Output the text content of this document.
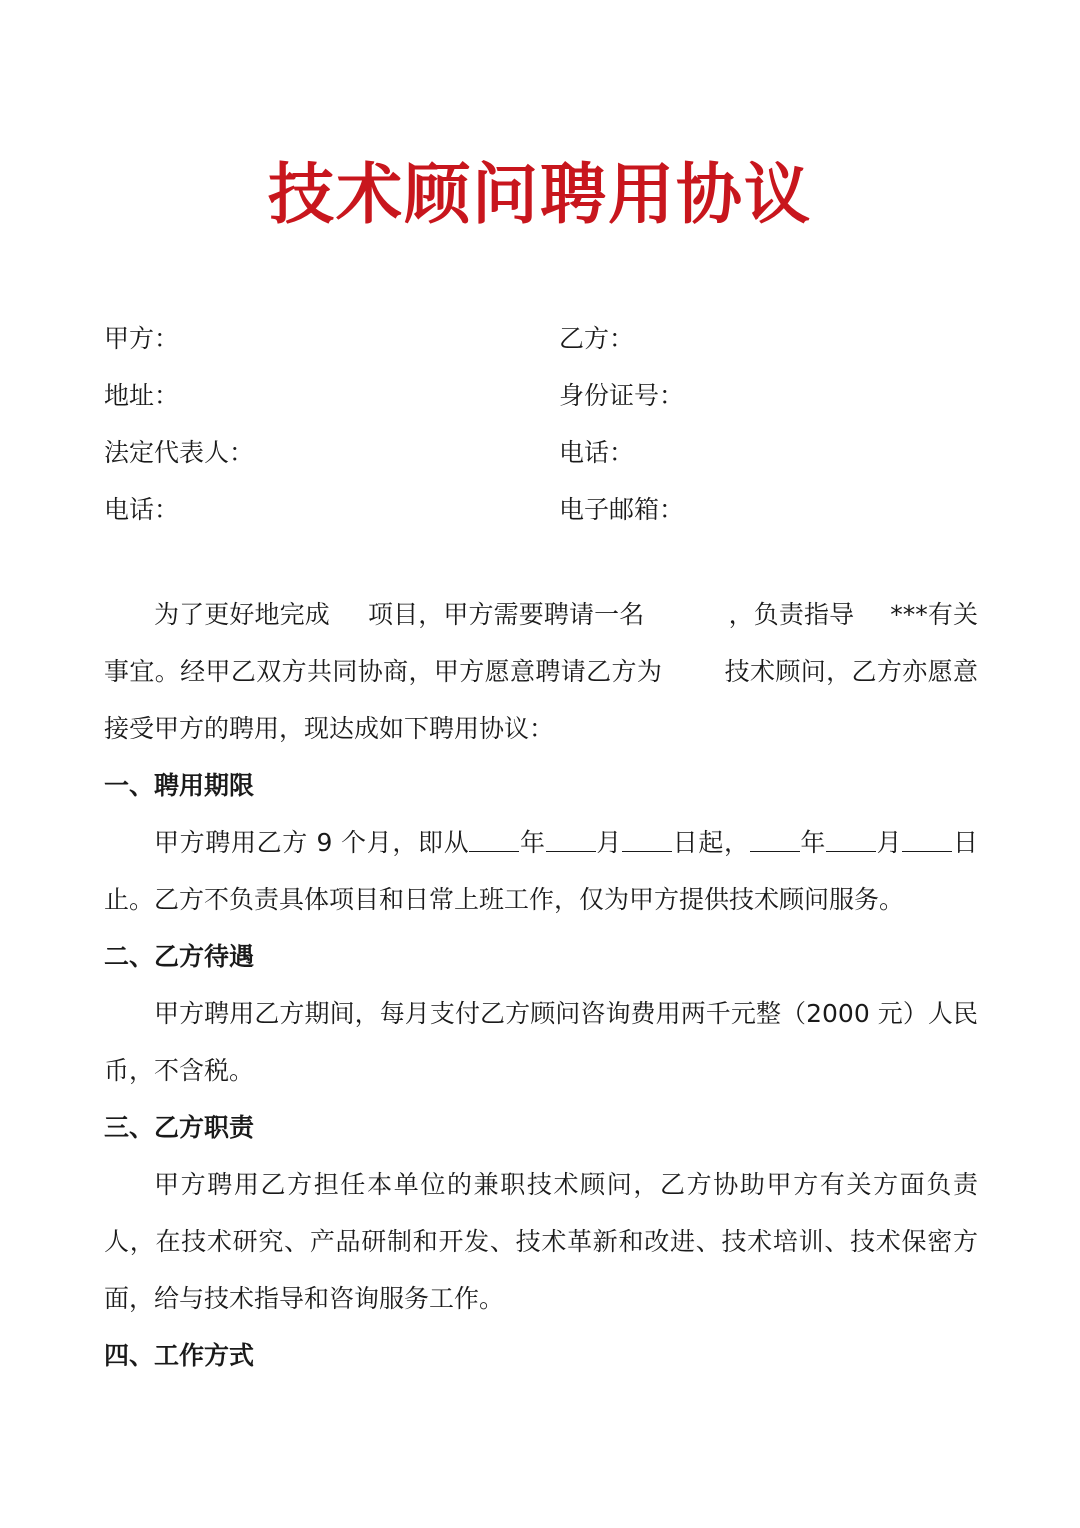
技术顾问聘用协议
甲方：	乙方：
地址：	身份证号：
法定代表人：	电话：
电话：	电子邮箱：

为了更好地完成 项目，甲方需要聘请一名	，负责指导 ***有关事宜。经甲乙双方共同协商，甲方愿意聘请乙方为 技术顾问，乙方亦愿意接受甲方的聘用，现达成如下聘用协议：

一、聘用期限

甲方聘用乙方 9 个月，即从 年 月 日起， 年 月 日止。乙方不负责具体项目和日常上班工作，仅为甲方提供技术顾问服务。

二、乙方待遇

甲方聘用乙方期间，每月支付乙方顾问咨询费用两千元整（2000 元）人民币，不含税。

三、乙方职责

甲方聘用乙方担任本单位的兼职技术顾问，乙方协助甲方有关方面负责人，在技术研究、产品研制和开发、技术革新和改进、技术培训、技术保密方面，给与技术指导和咨询服务工作。

四、工作方式
